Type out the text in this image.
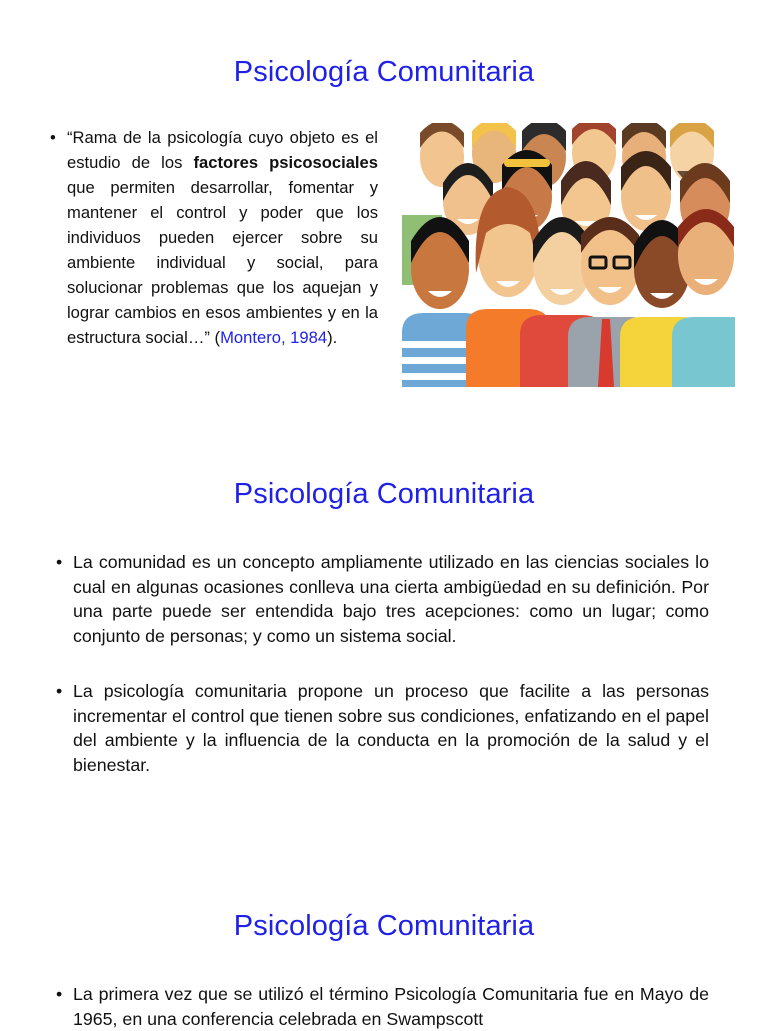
Psicología Comunitaria
• “Rama de la psicología cuyo objeto es el estudio de los factores psicosociales que permiten desarrollar, fomentar y mantener el control y poder que los individuos pueden ejercer sobre su ambiente individual y social, para solucionar problemas que los aquejan y lograr cambios en esos ambientes y en la estructura social…” (Montero, 1984).
Psicología Comunitaria
• La comunidad es un concepto ampliamente utilizado en las ciencias sociales lo cual en algunas ocasiones conlleva una cierta ambigüedad en su definición. Por una parte puede ser entendida bajo tres acepciones: como un lugar; como conjunto de personas; y como un sistema social.
• La psicología comunitaria propone un proceso que facilite a las personas incrementar el control que tienen sobre sus condiciones, enfatizando en el papel del ambiente y la influencia de la conducta en la promoción de la salud y el bienestar.
Psicología Comunitaria
• La primera vez que se utilizó el término Psicología Comunitaria fue en Mayo de 1965, en una conferencia celebrada en Swampscott
